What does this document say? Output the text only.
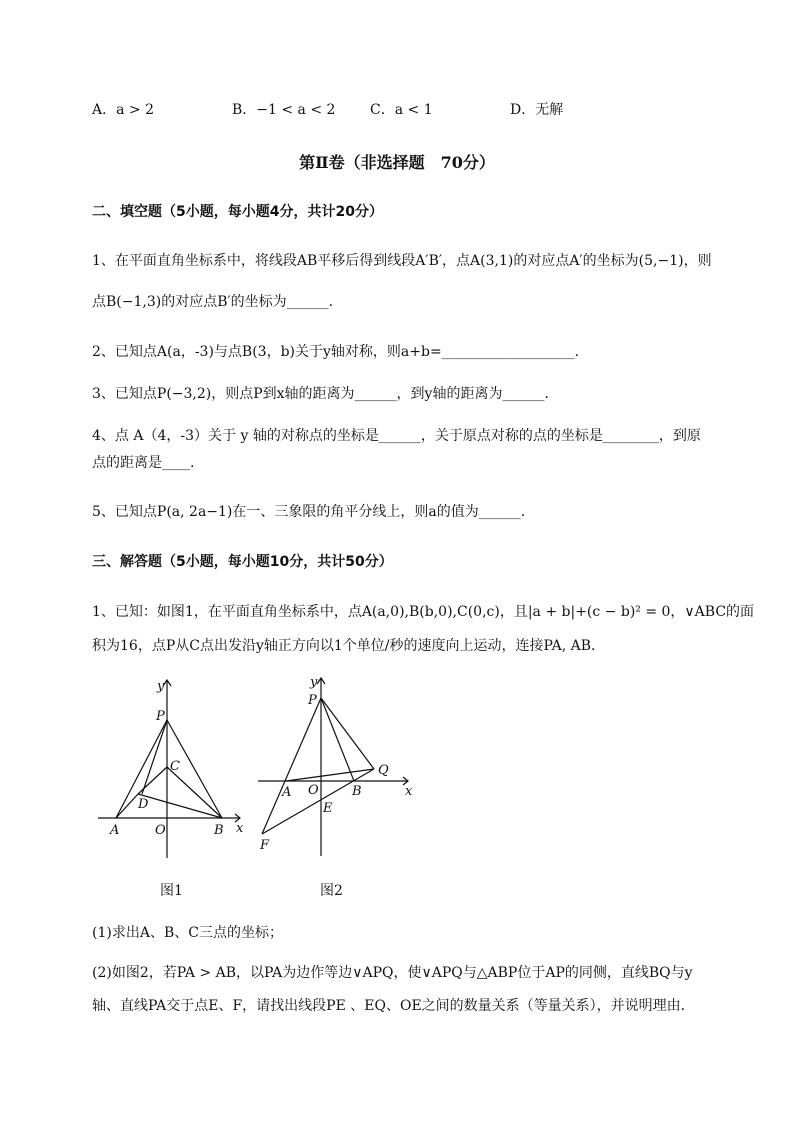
A．a > 2	B．−1 < a < 2 C．a < 1	D．无解
第Ⅱ卷（非选择题　70分）
二、填空题（5小题，每小题4分，共计20分）
1、在平面直角坐标系中，将线段AB平移后得到线段A′B′，点A(3,1)的对应点A′的坐标为(5,−1)，则
点B(−1,3)的对应点B′的坐标为______.
2、已知点A(a，-3)与点B(3，b)关于y轴对称，则a+b=___________________.
3、已知点P(−3,2)，则点P到x轴的距离为______，到y轴的距离为______.
4、点 A（4，-3）关于 y 轴的对称点的坐标是______，关于原点对称的点的坐标是________，到原
点的距离是____.
5、已知点P(a, 2a−1)在一、三象限的角平分线上，则a的值为______.
三、解答题（5小题，每小题10分，共计50分）
1、已知：如图1，在平面直角坐标系中，点A(a,0),B(b,0),C(0,c)，且|a + b|+(c − b)² = 0，∨ABC的面
积为16，点P从C点出发沿y轴正方向以1个单位/秒的速度向上运动，连接PA, AB．
y
x
P
C
D
A	O	B
图1
y
x
P
Q
A O	B
E
F
图2
(1)求出A、B、C三点的坐标；
(2)如图2，若PA > AB，以PA为边作等边∨APQ，使∨APQ与△ABP位于AP的同侧，直线BQ与y
轴、直线PA交于点E、F，请找出线段PE 、EQ、OE之间的数量关系（等量关系），并说明理由．
